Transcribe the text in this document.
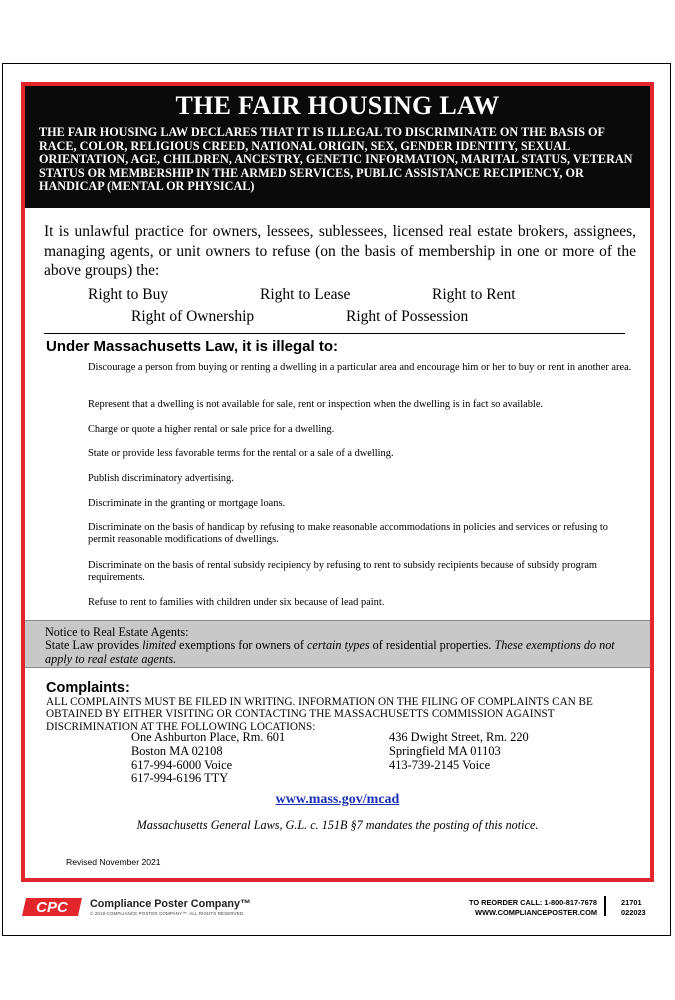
THE FAIR HOUSING LAW
THE FAIR HOUSING LAW DECLARES THAT IT IS ILLEGAL TO DISCRIMINATE ON THE BASIS OF RACE, COLOR, RELIGIOUS CREED, NATIONAL ORIGIN, SEX, GENDER IDENTITY, SEXUAL ORIENTATION, AGE, CHILDREN, ANCESTRY, GENETIC INFORMATION, MARITAL STATUS, VETERAN STATUS OR MEMBERSHIP IN THE ARMED SERVICES, PUBLIC ASSISTANCE RECIPIENCY, OR HANDICAP (MENTAL OR PHYSICAL)
It is unlawful practice for owners, lessees, sublessees, licensed real estate brokers, assignees, managing agents, or unit owners to refuse (on the basis of membership in one or more of the above groups) the:
Right to Buy	Right to Lease	Right to Rent
Right of Ownership	Right of Possession
Under Massachusetts Law, it is illegal to:

Discourage a person from buying or renting a dwelling in a particular area and encourage him or her to buy or rent in another area.

Represent that a dwelling is not available for sale, rent or inspection when the dwelling is in fact so available.

Charge or quote a higher rental or sale price for a dwelling.

State or provide less favorable terms for the rental or a sale of a dwelling.

Publish discriminatory advertising.

Discriminate in the granting or mortgage loans.

Discriminate on the basis of handicap by refusing to make reasonable accommodations in policies and services or refusing to permit reasonable modifications of dwellings.

Discriminate on the basis of rental subsidy recipiency by refusing to rent to subsidy recipients because of subsidy program requirements.

Refuse to rent to families with children under six because of lead paint.

Notice to Real Estate Agents:
State Law provides limited exemptions for owners of certain types of residential properties. These exemptions do not apply to real estate agents.
Complaints:
ALL COMPLAINTS MUST BE FILED IN WRITING. INFORMATION ON THE FILING OF COMPLAINTS CAN BE OBTAINED BY EITHER VISITING OR CONTACTING THE MASSACHUSETTS COMMISSION AGAINST DISCRIMINATION AT THE FOLLOWING LOCATIONS:
One Ashburton Place, Rm. 601
Boston MA 02108
617-994-6000 Voice
617-994-6196 TTY
436 Dwight Street, Rm. 220
Springfield MA 01103
413-739-2145 Voice
www.mass.gov/mcad
Massachusetts General Laws, G.L. c. 151B §7 mandates the posting of this notice.
Revised November 2021
CPC Compliance Poster Company™
© 2019 COMPLIANCE POSTER COMPANY™. ALL RIGHTS RESERVED.
TO REORDER CALL: 1-800-817-7678
WWW.COMPLIANCEPOSTER.COM
21701
022023
